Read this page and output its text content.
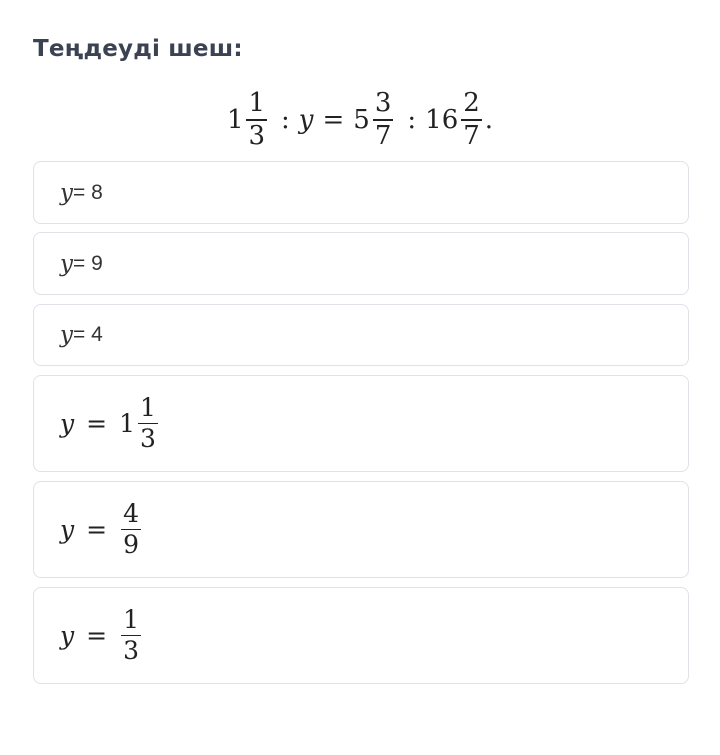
Теңдеуді шеш:
$1 \frac{1}{3}$ : $y = 5 \frac{3}{7}$ : $16 \frac{2}{7}$ .
y = 8
y = 9
y = 4
$y = 1 \frac{1}{3}$
$y = \frac{4}{9}$
$y = \frac{1}{3}$
